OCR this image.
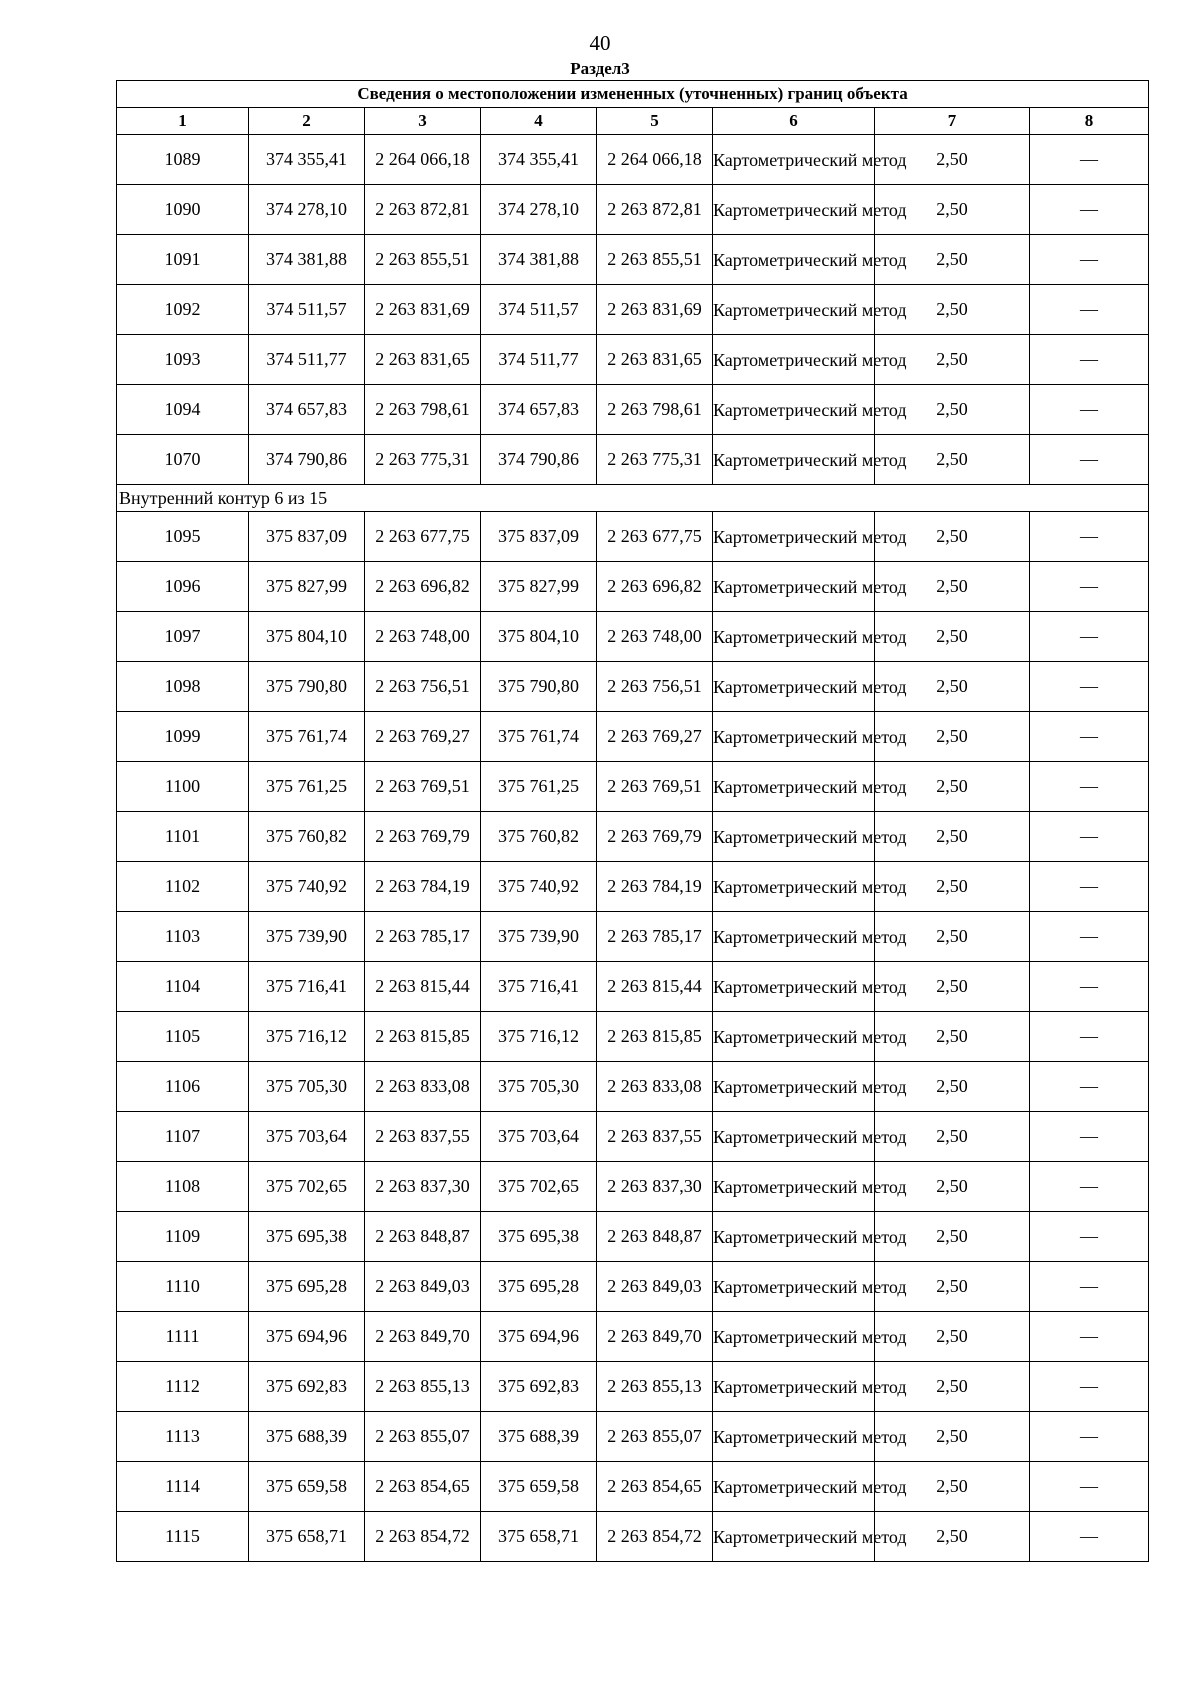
40
Раздел3
Сведения о местоположении измененных (уточненных) границ объекта							
1	2	3	4	5	6	7	8
1089	374 355,41	2 264 066,18	374 355,41	2 264 066,18	Картометрический метод	2,50	—
1090	374 278,10	2 263 872,81	374 278,10	2 263 872,81	Картометрический метод	2,50	—
1091	374 381,88	2 263 855,51	374 381,88	2 263 855,51	Картометрический метод	2,50	—
1092	374 511,57	2 263 831,69	374 511,57	2 263 831,69	Картометрический метод	2,50	—
1093	374 511,77	2 263 831,65	374 511,77	2 263 831,65	Картометрический метод	2,50	—
1094	374 657,83	2 263 798,61	374 657,83	2 263 798,61	Картометрический метод	2,50	—
1070	374 790,86	2 263 775,31	374 790,86	2 263 775,31	Картометрический метод	2,50	—
Внутренний контур 6 из 15							
1095	375 837,09	2 263 677,75	375 837,09	2 263 677,75	Картометрический метод	2,50	—
1096	375 827,99	2 263 696,82	375 827,99	2 263 696,82	Картометрический метод	2,50	—
1097	375 804,10	2 263 748,00	375 804,10	2 263 748,00	Картометрический метод	2,50	—
1098	375 790,80	2 263 756,51	375 790,80	2 263 756,51	Картометрический метод	2,50	—
1099	375 761,74	2 263 769,27	375 761,74	2 263 769,27	Картометрический метод	2,50	—
1100	375 761,25	2 263 769,51	375 761,25	2 263 769,51	Картометрический метод	2,50	—
1101	375 760,82	2 263 769,79	375 760,82	2 263 769,79	Картометрический метод	2,50	—
1102	375 740,92	2 263 784,19	375 740,92	2 263 784,19	Картометрический метод	2,50	—
1103	375 739,90	2 263 785,17	375 739,90	2 263 785,17	Картометрический метод	2,50	—
1104	375 716,41	2 263 815,44	375 716,41	2 263 815,44	Картометрический метод	2,50	—
1105	375 716,12	2 263 815,85	375 716,12	2 263 815,85	Картометрический метод	2,50	—
1106	375 705,30	2 263 833,08	375 705,30	2 263 833,08	Картометрический метод	2,50	—
1107	375 703,64	2 263 837,55	375 703,64	2 263 837,55	Картометрический метод	2,50	—
1108	375 702,65	2 263 837,30	375 702,65	2 263 837,30	Картометрический метод	2,50	—
1109	375 695,38	2 263 848,87	375 695,38	2 263 848,87	Картометрический метод	2,50	—
1110	375 695,28	2 263 849,03	375 695,28	2 263 849,03	Картометрический метод	2,50	—
1111	375 694,96	2 263 849,70	375 694,96	2 263 849,70	Картометрический метод	2,50	—
1112	375 692,83	2 263 855,13	375 692,83	2 263 855,13	Картометрический метод	2,50	—
1113	375 688,39	2 263 855,07	375 688,39	2 263 855,07	Картометрический метод	2,50	—
1114	375 659,58	2 263 854,65	375 659,58	2 263 854,65	Картометрический метод	2,50	—
1115	375 658,71	2 263 854,72	375 658,71	2 263 854,72	Картометрический метод	2,50	—
